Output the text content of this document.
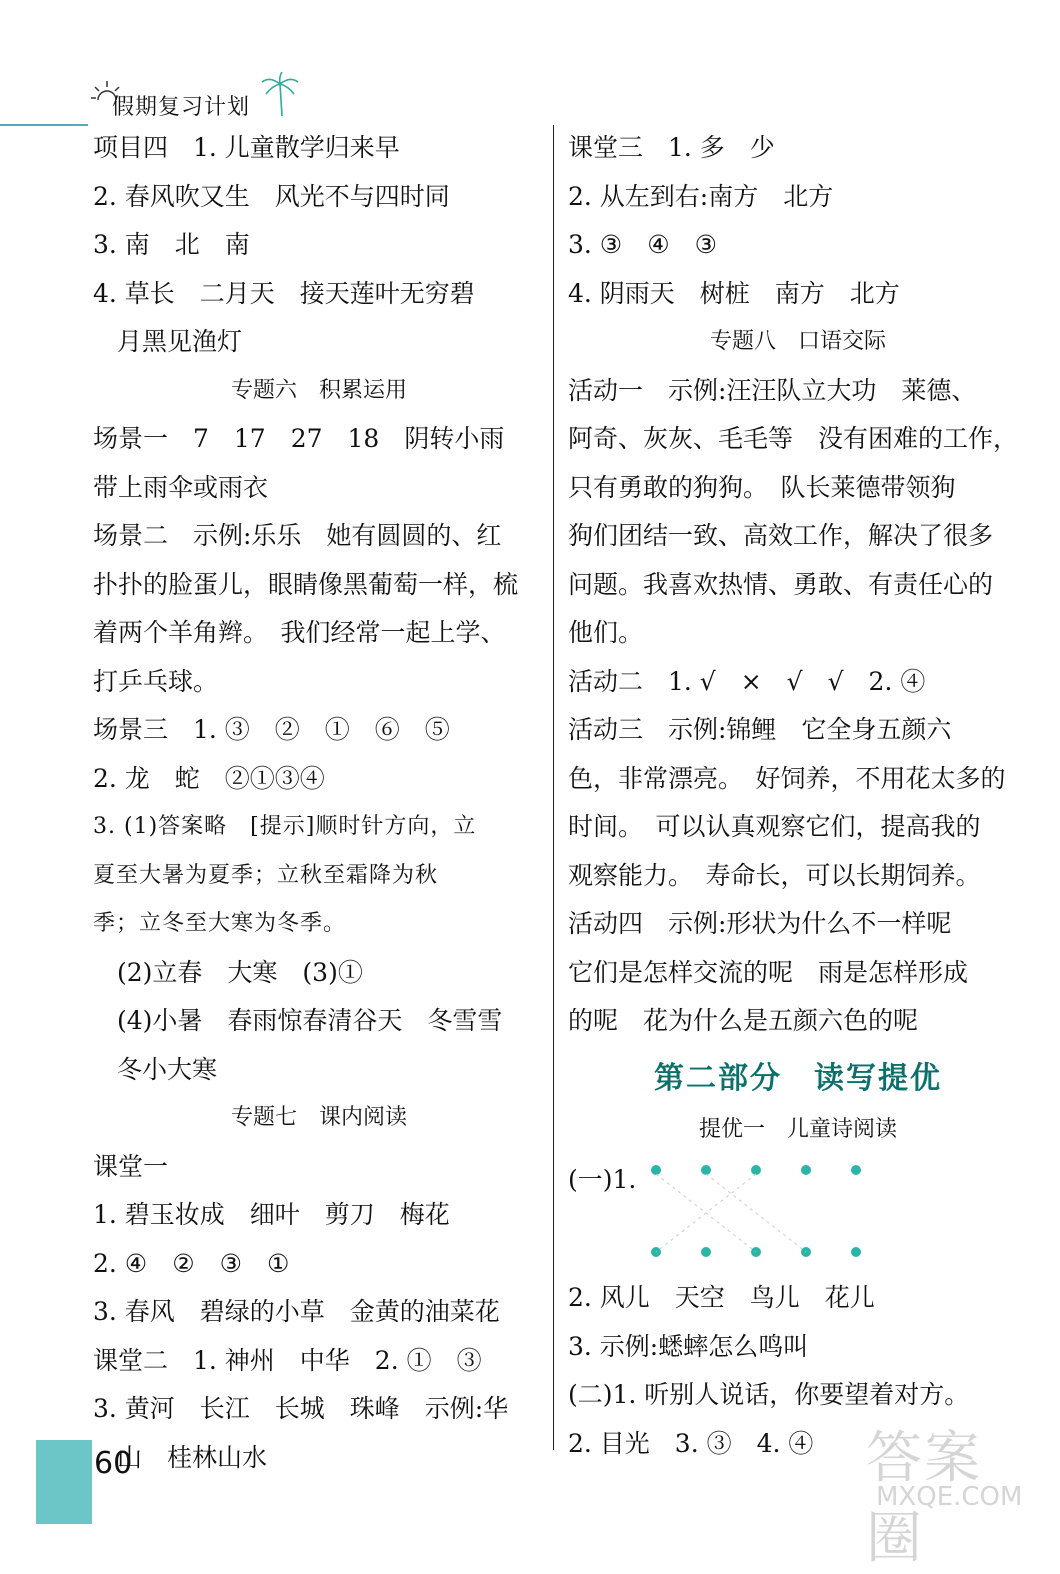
假期复习计划
项目四　1. 儿童散学归来早
2. 春风吹又生　风光不与四时同
3. 南　北　南
4. 草长　二月天　接天莲叶无穷碧
月黑见渔灯
专题六　积累运用
场景一　7　17　27　18　阴转小雨
带上雨伞或雨衣
场景二　示例:乐乐　她有圆圆的、红
扑扑的脸蛋儿，眼睛像黑葡萄一样，梳
着两个羊角辫。　我们经常一起上学、
打乒乓球。
场景三　1. ③　②　①　⑥　⑤
2. 龙　蛇　②①③④
3. (1)答案略　[提示]顺时针方向，立
夏至大暑为夏季；立秋至霜降为秋
季；立冬至大寒为冬季。
(2)立春　大寒　(3)①
(4)小暑　春雨惊春清谷天　冬雪雪
冬小大寒
专题七　课内阅读
课堂一
1. 碧玉妆成　细叶　剪刀　梅花
2. ④　②　③　①
3. 春风　碧绿的小草　金黄的油菜花
课堂二　1. 神州　中华　2. ①　③
3. 黄河　长江　长城　珠峰　示例:华
山　桂林山水
课堂三　1. 多　少
2. 从左到右:南方　北方
3. ③　④　③
4. 阴雨天　树桩　南方　北方
专题八　口语交际
活动一　示例:汪汪队立大功　莱德、
阿奇、灰灰、毛毛等　没有困难的工作，
只有勇敢的狗狗。　队长莱德带领狗
狗们团结一致、高效工作，解决了很多
问题。我喜欢热情、勇敢、有责任心的
他们。
活动二　1. √　×　√　√　2. ④
活动三　示例:锦鲤　它全身五颜六
色，非常漂亮。　好饲养，不用花太多的
时间。　可以认真观察它们，提高我的
观察能力。　寿命长，可以长期饲养。
活动四　示例:形状为什么不一样呢
它们是怎样交流的呢　雨是怎样形成
的呢　花为什么是五颜六色的呢
第二部分　读写提优
提优一　儿童诗阅读
(一)1.
2. 风儿　天空　鸟儿　花儿
3. 示例:蟋蟀怎么鸣叫
(二)1. 听别人说话，你要望着对方。
2. 目光　3. ③　4. ④
60	答案圈
MXQE.COM
